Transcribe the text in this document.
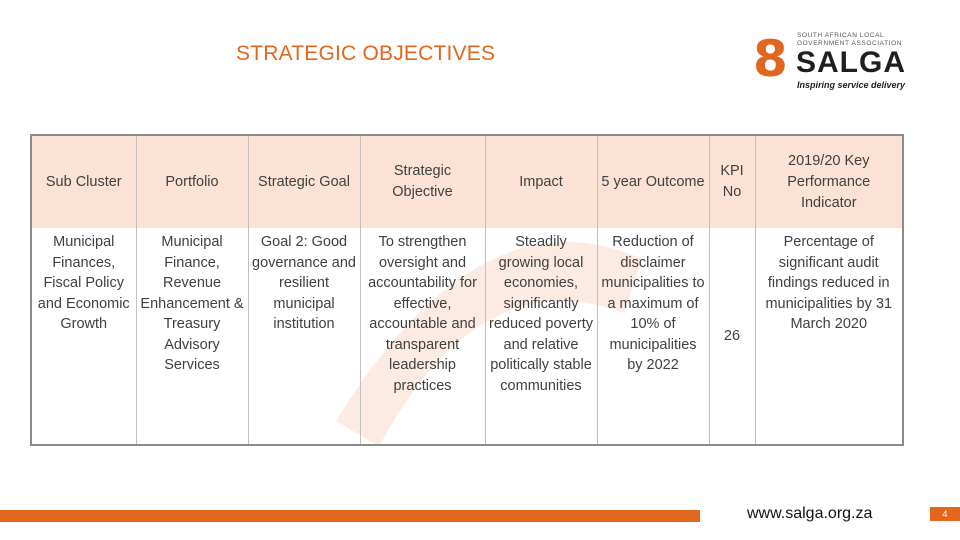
STRATEGIC OBJECTIVES	8 SOUTH AFRICAN LOCAL GOVERNMENT ASSOCIATION
SALGA
Inspiring service delivery
Sub Cluster	Portfolio	Strategic Goal	Strategic Objective	Impact	5 year Outcome	KPI No	2019/20 Key Performance Indicator
Municipal Finances, Fiscal Policy and Economic Growth	Municipal Finance, Revenue Enhancement & Treasury Advisory Services	Goal 2: Good governance and resilient municipal institution	To strengthen oversight and accountability for effective, accountable and transparent leadership practices	Steadily growing local economies, significantly reduced poverty and relative politically stable communities	Reduction of disclaimer municipalities to a maximum of 10% of municipalities by 2022	26	Percentage of significant audit findings reduced in municipalities by 31 March 2020
www.salga.org.za	4
